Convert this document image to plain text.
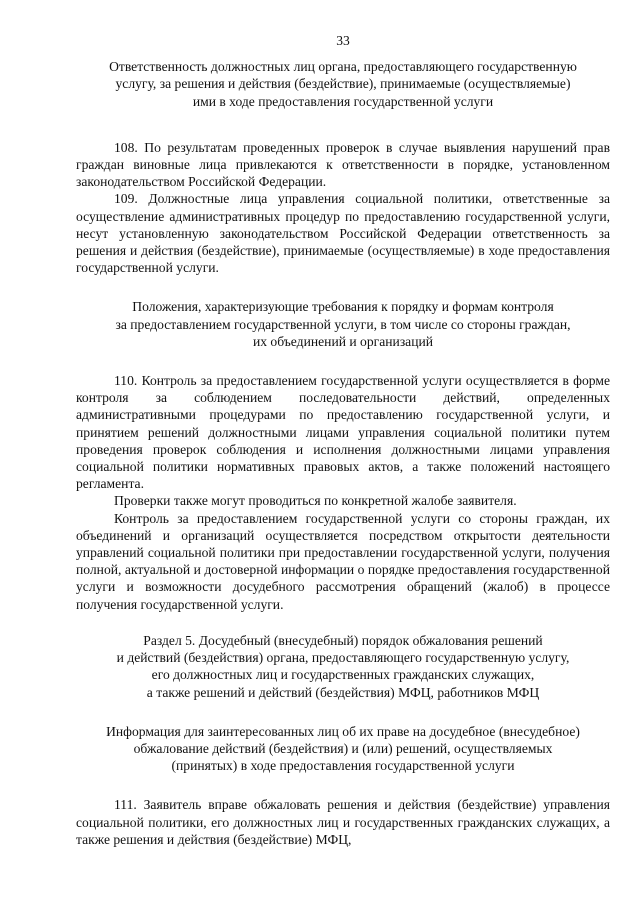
33
Ответственность должностных лиц органа, предоставляющего государственную
услугу, за решения и действия (бездействие), принимаемые (осуществляемые)
ими в ходе предоставления государственной услуги

108. По результатам проведенных проверок в случае выявления нарушений прав граждан виновные лица привлекаются к ответственности в порядке, установленном законодательством Российской Федерации.

109. Должностные лица управления социальной политики, ответственные за осуществление административных процедур по предоставлению государственной услуги, несут установленную законодательством Российской Федерации ответственность за решения и действия (бездействие), принимаемые (осуществляемые) в ходе предоставления государственной услуги.

Положения, характеризующие требования к порядку и формам контроля
за предоставлением государственной услуги, в том числе со стороны граждан,
их объединений и организаций

110. Контроль за предоставлением государственной услуги осуществляется в форме контроля за соблюдением последовательности действий, определенных административными процедурами по предоставлению государственной услуги, и принятием решений должностными лицами управления социальной политики путем проведения проверок соблюдения и исполнения должностными лицами управления социальной политики нормативных правовых актов, а также положений настоящего регламента.

Проверки также могут проводиться по конкретной жалобе заявителя.

Контроль за предоставлением государственной услуги со стороны граждан, их объединений и организаций осуществляется посредством открытости деятельности управлений социальной политики при предоставлении государственной услуги, получения полной, актуальной и достоверной информации о порядке предоставления государственной услуги и возможности досудебного рассмотрения обращений (жалоб) в процессе получения государственной услуги.

Раздел 5. Досудебный (внесудебный) порядок обжалования решений
и действий (бездействия) органа, предоставляющего государственную услугу,
его должностных лиц и государственных гражданских служащих,
а также решений и действий (бездействия) МФЦ, работников МФЦ
Информация для заинтересованных лиц об их праве на досудебное (внесудебное)
обжалование действий (бездействия) и (или) решений, осуществляемых
(принятых) в ходе предоставления государственной услуги

111. Заявитель вправе обжаловать решения и действия (бездействие) управления социальной политики, его должностных лиц и государственных гражданских служащих, а также решения и действия (бездействие) МФЦ,
